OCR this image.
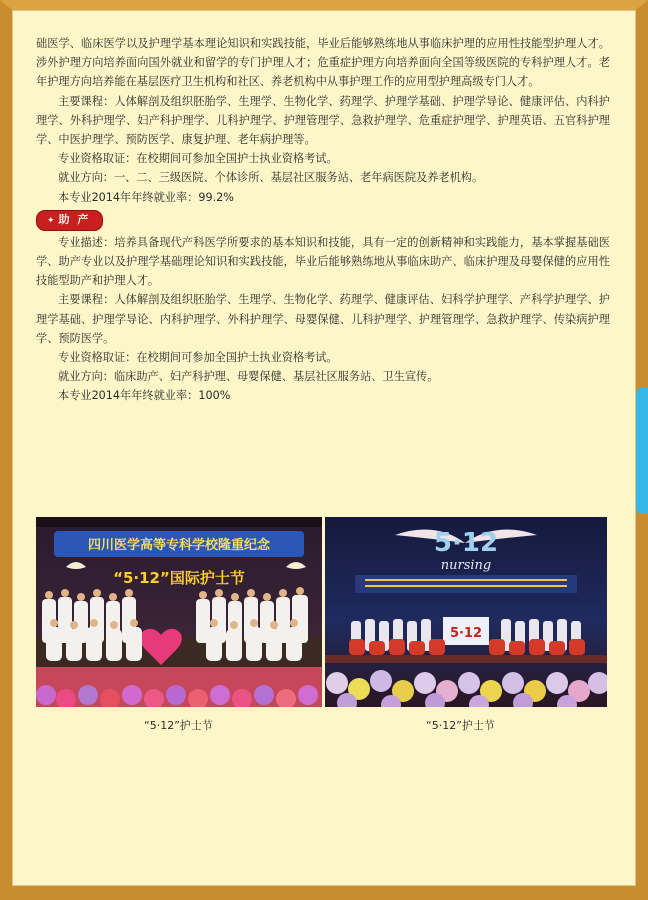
础医学、临床医学以及护理学基本理论知识和实践技能，毕业后能够熟练地从事临床护理的应用性技能型护理人才。涉外护理方向培养面向国外就业和留学的专门护理人才；危重症护理方向培养面向全国等级医院的专科护理人才。老年护理方向培养能在基层医疗卫生机构和社区、养老机构中从事护理工作的应用型护理高级专门人才。

主要课程：人体解剖及组织胚胎学、生理学、生物化学、药理学、护理学基础、护理学导论、健康评估、内科护理学、外科护理学、妇产科护理学、儿科护理学、护理管理学、急救护理学、危重症护理学、护理英语、五官科护理学、中医护理学、预防医学、康复护理、老年病护理等。

专业资格取证：在校期间可参加全国护士执业资格考试。

就业方向：一、二、三级医院、个体诊所、基层社区服务站、老年病医院及养老机构。

本专业2014年年终就业率：99.2%

✦ 助 产

专业描述：培养具备现代产科医学所要求的基本知识和技能，具有一定的创新精神和实践能力，基本掌握基础医学、助产专业以及护理学基础理论知识和实践技能，毕业后能够熟练地从事临床助产、临床护理及母婴保健的应用性技能型助产和护理人才。

主要课程：人体解剖及组织胚胎学、生理学、生物化学、药理学、健康评估、妇科学护理学、产科学护理学、护理学基础、护理学导论、内科护理学、外科护理学、母婴保健、儿科护理学、护理管理学、急救护理学、传染病护理学、预防医学。

专业资格取证：在校期间可参加全国护士执业资格考试。

就业方向：临床助产、妇产科护理、母婴保健、基层社区服务站、卫生宣传。

本专业2014年年终就业率：100%

四川医学高等专科学校隆重纪念
“5·12”国际护士节
5·12
nursing
5·12
“5·12”护士节	“5·12”护士节
